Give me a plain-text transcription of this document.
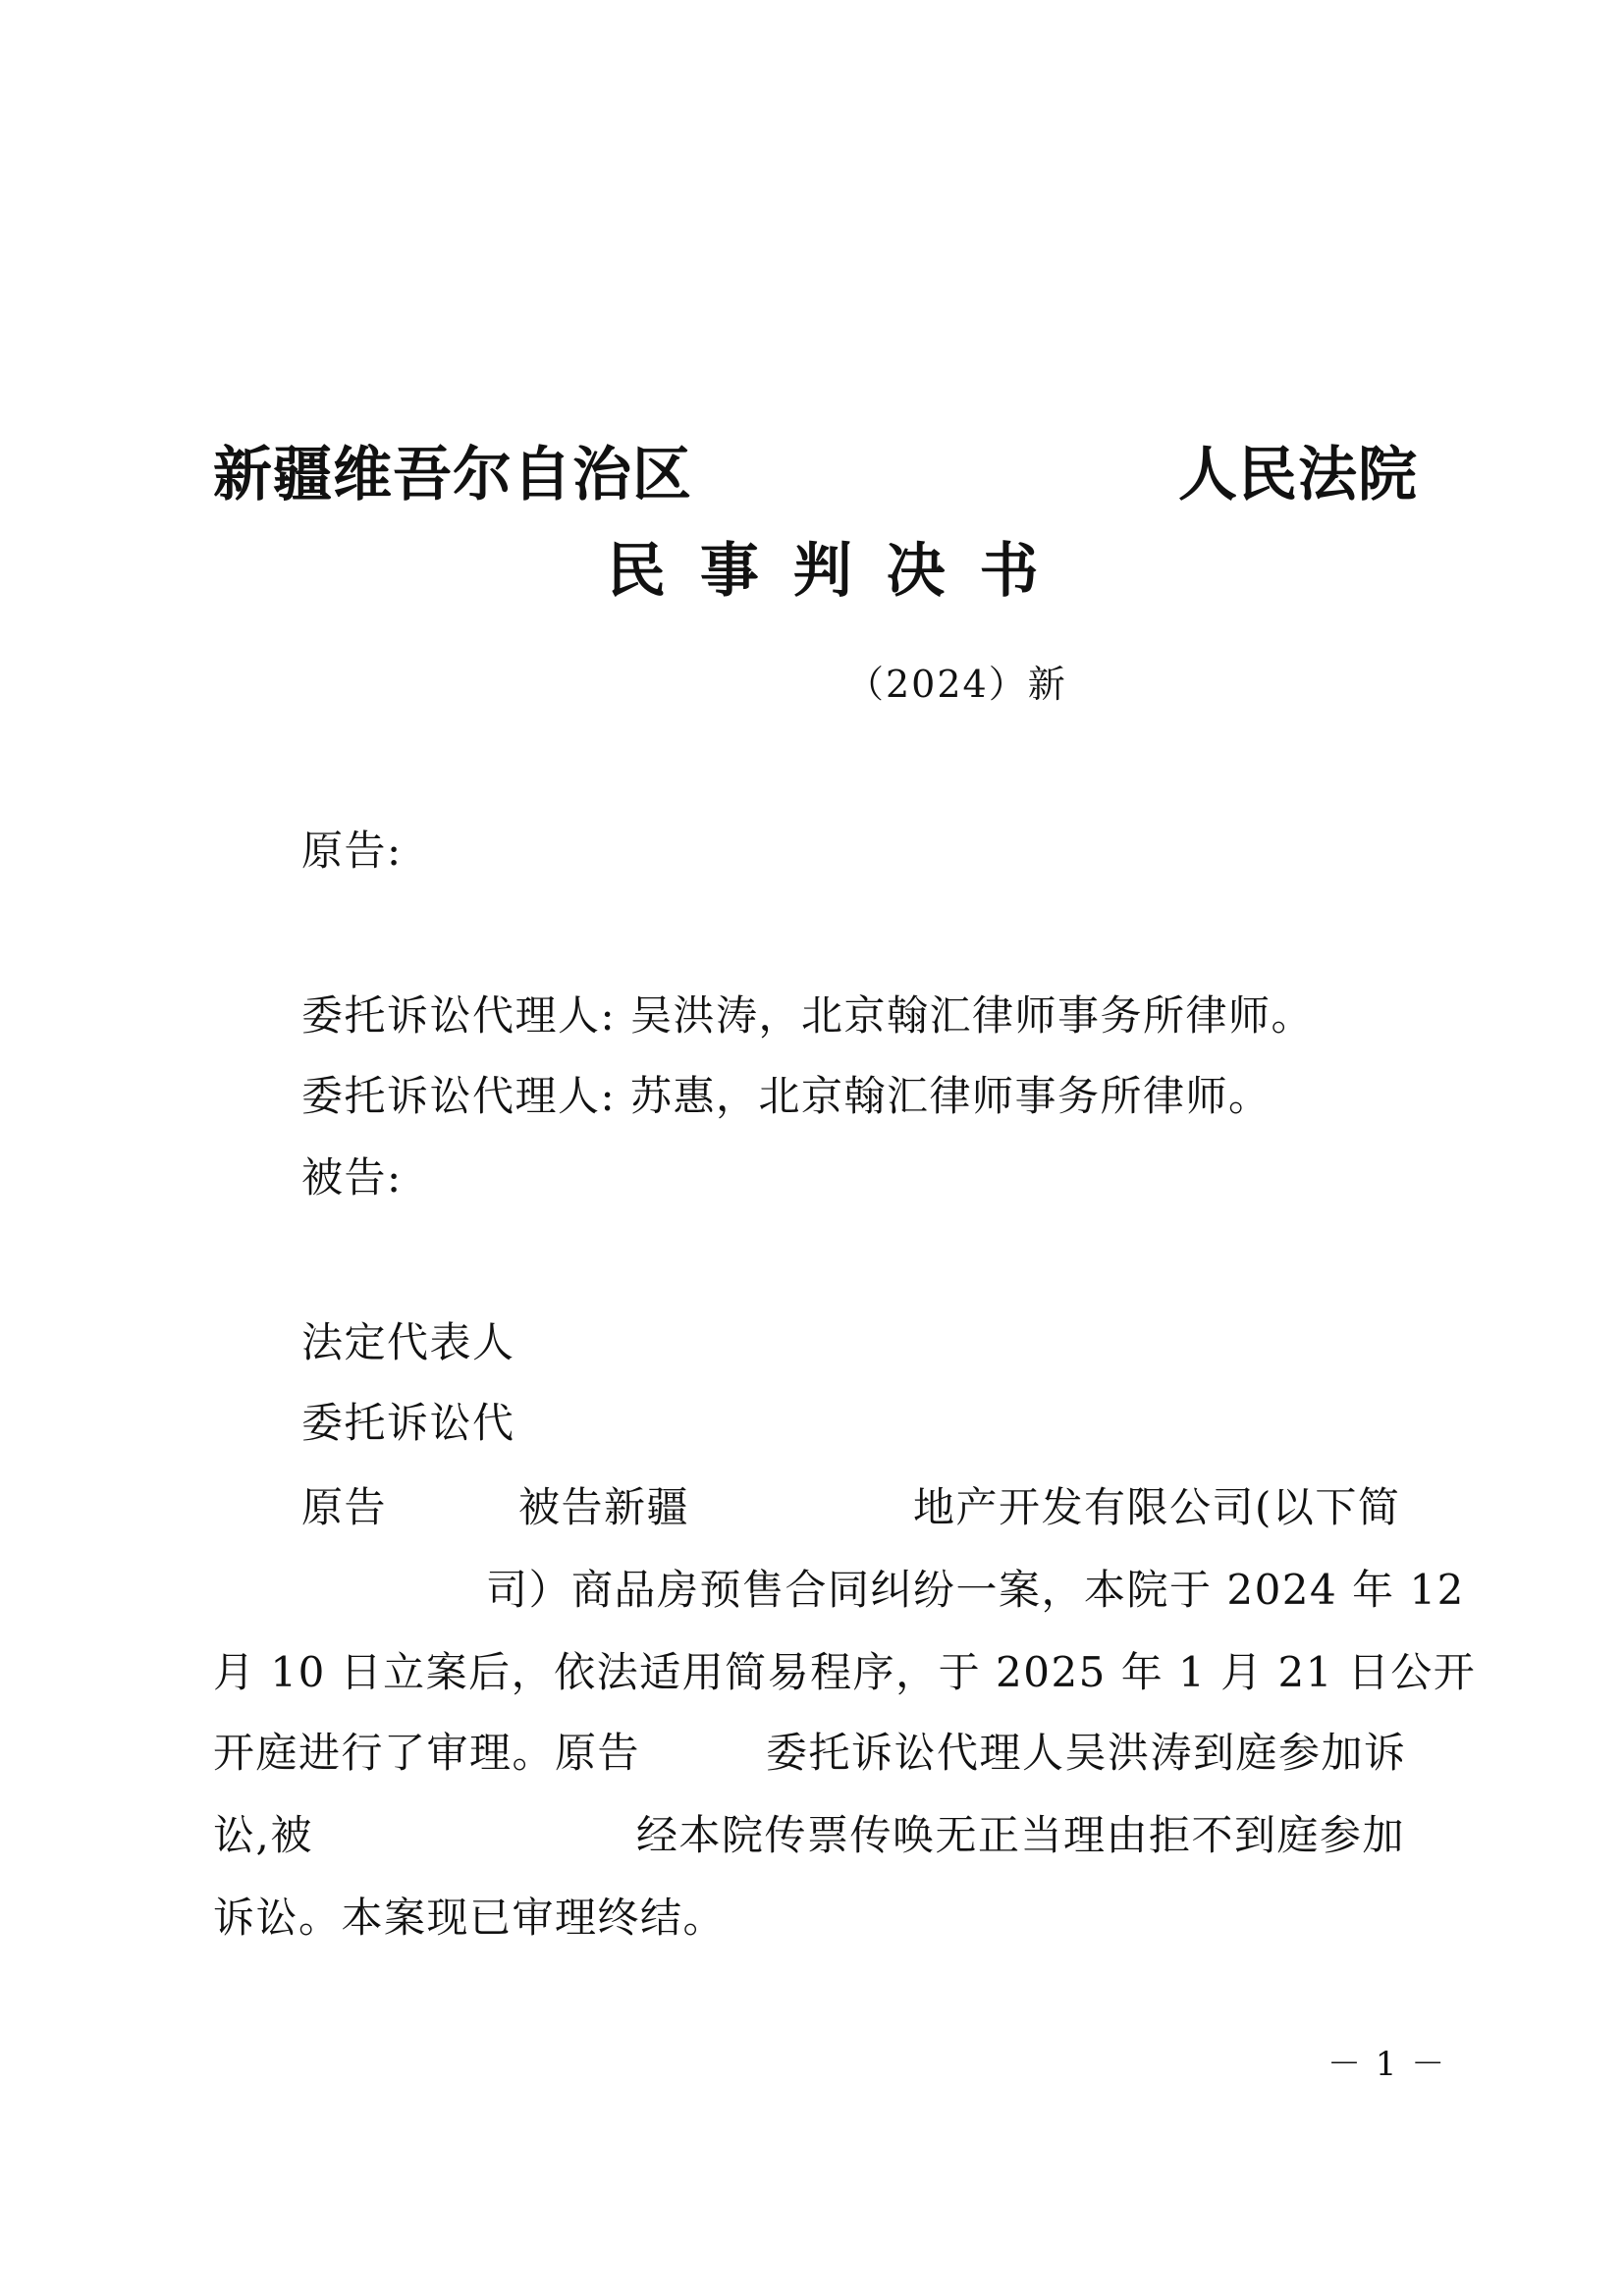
新疆维吾尔自治区	人民法院
民 事 判 决 书
（2024）新
原告:
委托诉讼代理人: 吴洪涛，北京翰汇律师事务所律师。
委托诉讼代理人: 苏惠，北京翰汇律师事务所律师。
被告:
法定代表人
委托诉讼代
原告	被告新疆	地产开发有限公司(以下简
司）商品房预售合同纠纷一案，本院于 2024 年 12
月 10 日立案后，依法适用简易程序，于 2025 年 1 月 21 日公开
开庭进行了审理。原告	委托诉讼代理人吴洪涛到庭参加诉
讼,被	经本院传票传唤无正当理由拒不到庭参加
诉讼。本案现已审理终结。
－ 1 －
